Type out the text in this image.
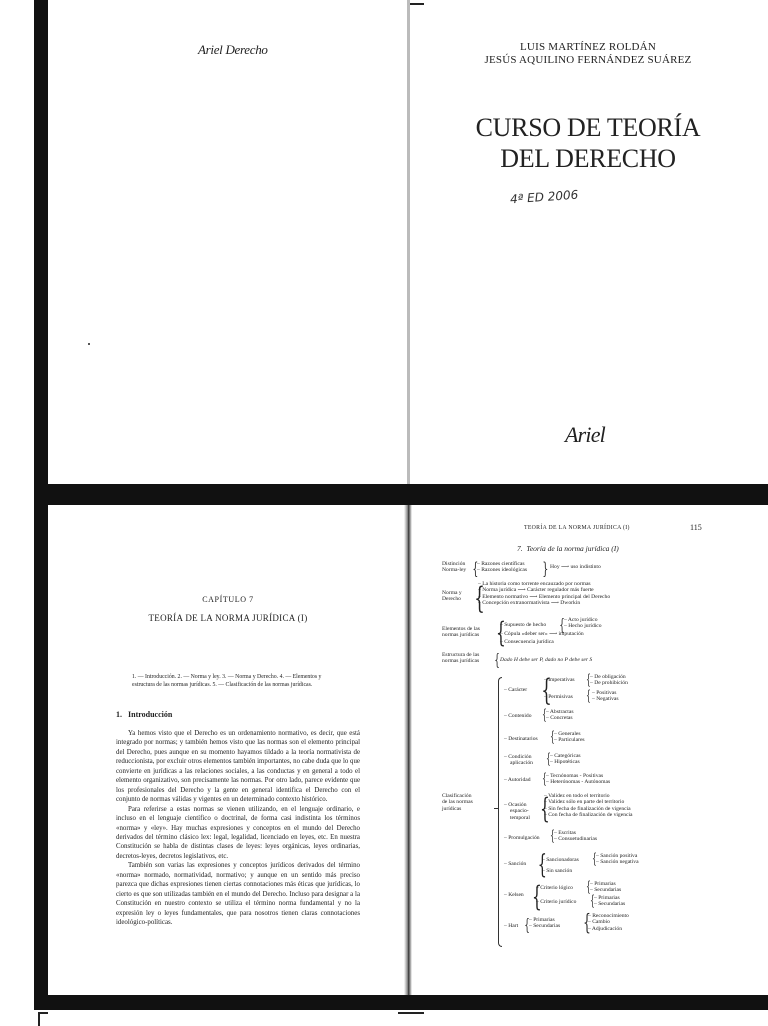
Ariel Derecho	LUIS MARTÍNEZ ROLDÁN
JESÚS AQUILINO FERNÁNDEZ SUÁREZ
CURSO DE TEORÍA
DEL DERECHO
4ª ED 2006
Ariel
CAPÍTULO 7
TEORÍA DE LA NORMA JURÍDICA (I)
1. — Introducción. 2. — Norma y ley. 3. — Norma y Derecho. 4. — Elementos y
estructura de las normas jurídicas. 5. — Clasificación de las normas jurídicas.
1.   Introducción

Ya hemos visto que el Derecho es un ordenamiento normativo, es decir, que está integrado por normas; y también hemos visto que las normas son el elemento principal del Derecho, pues aunque en su momento hayamos tildado a la teoría normativista de reduccionista, por excluir otros elementos también importantes, no cabe duda que lo que convierte en jurídicas a las relaciones sociales, a las conductas y en general a todo el elemento organizativo, son precisamente las normas. Por otro lado, parece evidente que los profesionales del Derecho y la gente en general identifica el Derecho con el conjunto de normas válidas y vigentes en un determinado contexto histórico.

Para referirse a estas normas se vienen utilizando, en el lenguaje ordinario, e incluso en el lenguaje científico o doctrinal, de forma casi indistinta los términos «norma» y «ley». Hay muchas expresiones y conceptos en el mundo del Derecho derivados del término clásico lex: legal, legalidad, licenciado en leyes, etc. En nuestra Constitución se habla de distintas clases de leyes: leyes orgánicas, leyes ordinarias, decretos-leyes, decretos legislativos, etc.

También son varias las expresiones y conceptos jurídicos derivados del término «norma» normado, normatividad, normativo; y aunque en un sentido más preciso parezca que dichas expresiones tienen ciertas connotaciones más éticas que jurídicas, lo cierto es que son utilizadas también en el mundo del Derecho. Incluso para designar a la Constitución en nuestro contexto se utiliza el término norma fundamental y no la expresión ley o leyes fundamentales, que para nosotros tienen claras connotaciones ideológico-políticas.

TEORÍA DE LA NORMA JURÍDICA (I)	115
7.  Teoría de la norma jurídica (I)
Distinción
Norma-ley {
– Razones científicas
– Razones ideológicas } Hoy ⟶ uso indistinto
Norma y
Derecho {
– La historia como torrente encauzado por normas
– Norma jurídica ⟶ Carácter regulador más fuerte
– Elemento normativo ⟶ Elemento principal del Derecho
– Concepción extranormativista ⟶ Dworkin
Elementos de las
normas jurídicas {
– Supuesto de hecho { – Acto jurídico
– Hecho jurídico
– Cópula «deber ser» ⟶ imputación
– Consecuencia jurídica
Estructura de las
normas jurídicas { Dado H debe ser P, dado no P debe ser S
Clasificación
de las normas
jurídicas
– Carácter {
– Imperativas { – De obligación
– De prohibición
– Permisivas { – Positivas
– Negativas
– Contenido { – Abstractas
– Concretas
– Destinatarios { – Generales
– Particulares
– Condición
aplicación { – Categóricas
– Hipotéticas
– Autoridad { – Tecnónomas - Positivas
– Heterónomas - Autónomas
– Ocasión
espacio-
temporal {
– Validez en todo el territorio
– Validez sólo en parte del territorio
– Sin fecha de finalización de vigencia
– Con fecha de finalización de vigencia
– Promulgación { – Escritas
– Consuetudinarias
– Sanción {
– Sancionadoras { – Sanción positiva
– Sanción negativa
– Sin sanción
– Kelsen {
– Criterio lógico { – Primarias
– Secundarias
– Criterio jurídico { – Primarias
– Secundarias
– Hart { – Primarias
– Secundarias {
– Reconocimiento
– Cambio
– Adjudicación
